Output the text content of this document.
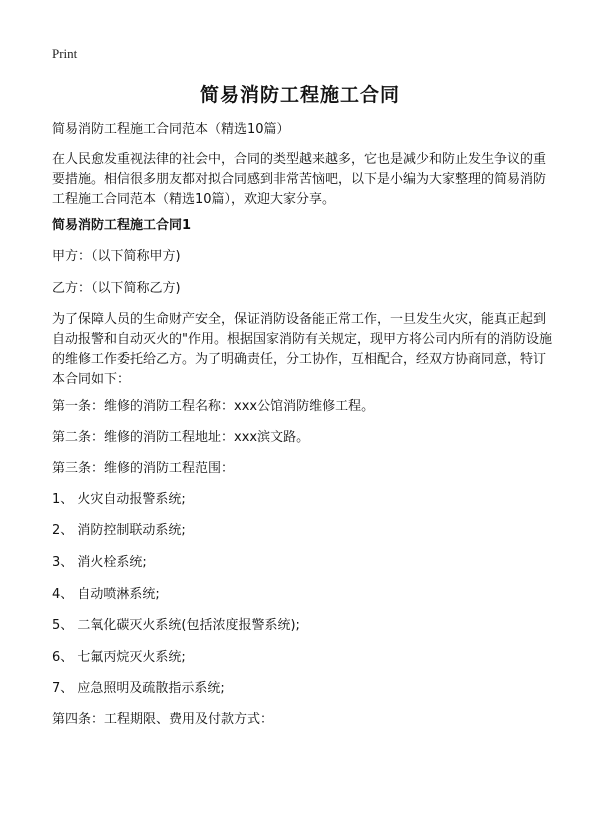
Print
简易消防工程施工合同

简易消防工程施工合同范本（精选10篇）

在人民愈发重视法律的社会中，合同的类型越来越多，它也是减少和防止发生争议的重要措施。相信很多朋友都对拟合同感到非常苦恼吧，以下是小编为大家整理的简易消防工程施工合同范本（精选10篇），欢迎大家分享。

简易消防工程施工合同1

甲方：（以下简称甲方)

乙方：（以下简称乙方)

为了保障人员的生命财产安全，保证消防设备能正常工作，一旦发生火灾，能真正起到自动报警和自动灭火的"作用。根据国家消防有关规定，现甲方将公司内所有的消防设施的维修工作委托给乙方。为了明确责任，分工协作，互相配合，经双方协商同意，特订本合同如下：

第一条：维修的消防工程名称：xxx公馆消防维修工程。

第二条：维修的消防工程地址：xxx滨文路。

第三条：维修的消防工程范围：

1、 火灾自动报警系统;

2、 消防控制联动系统;

3、 消火栓系统;

4、 自动喷淋系统;

5、 二氧化碳灭火系统(包括浓度报警系统);

6、 七氟丙烷灭火系统;

7、 应急照明及疏散指示系统;

第四条：工程期限、费用及付款方式：
